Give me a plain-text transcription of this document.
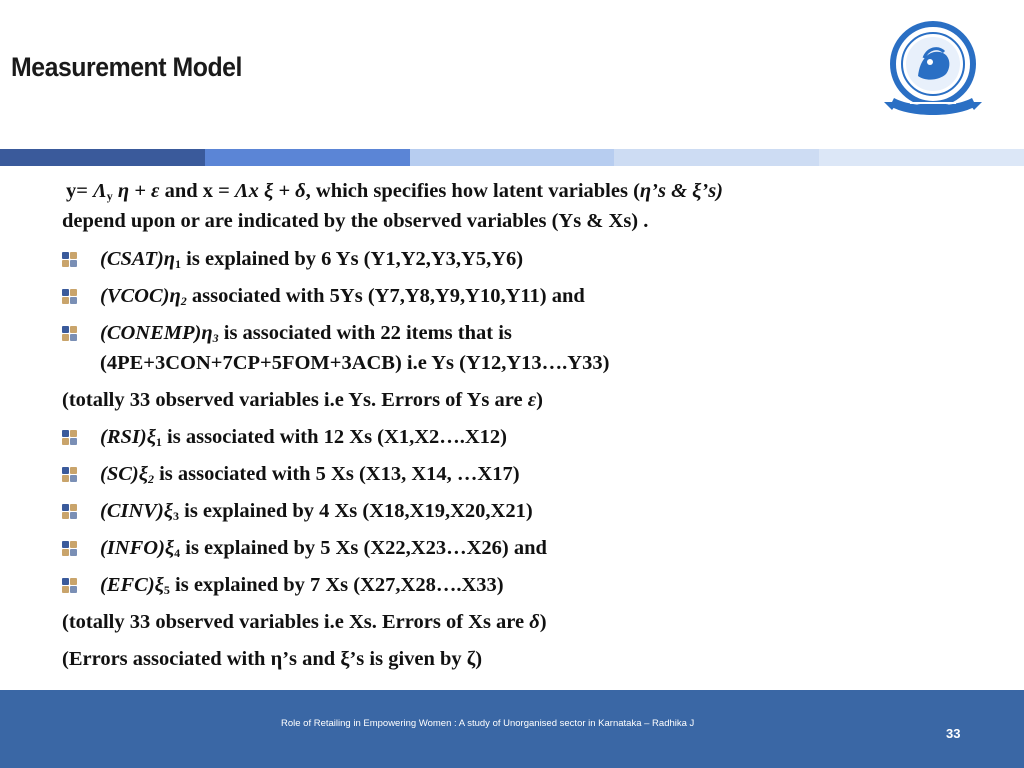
Measurement Model
$y= \Lambda_y$ η + ε and x = Λx ξ + δ, which specifies how latent variables (η’s & ξ’s)
depend upon or are indicated by the observed variables (Ys & Xs) .
$(CSAT)\eta_1$ is explained by 6 Ys (Y1,Y2,Y3,Y5,Y6)
$(VCOC)\eta_2$ associated with 5Ys (Y7,Y8,Y9,Y10,Y11) and
$(CONEMP)\eta_3$ is associated with 22 items that is
(4PE+3CON+7CP+5FOM+3ACB) i.e Ys (Y12,Y13….Y33)
(totally 33 observed variables i.e Ys. Errors of Ys are ε)
$(RSI)\xi_1$ is associated with 12 Xs (X1,X2….X12)
$(SC)\xi_2$ is associated with 5 Xs (X13, X14, …X17)
$(CINV)\xi_3$ is explained by 4 Xs (X18,X19,X20,X21)
$(INFO)\xi_4$ is explained by 5 Xs (X22,X23…X26) and
$(EFC)\xi_5$ is explained by 7 Xs (X27,X28….X33)
(totally 33 observed variables i.e Xs. Errors of Xs are δ)
(Errors associated with η’s and ξ’s is given by ζ)
Role of Retailing in Empowering Women : A study of Unorganised sector in Karnataka – Radhika J
33
